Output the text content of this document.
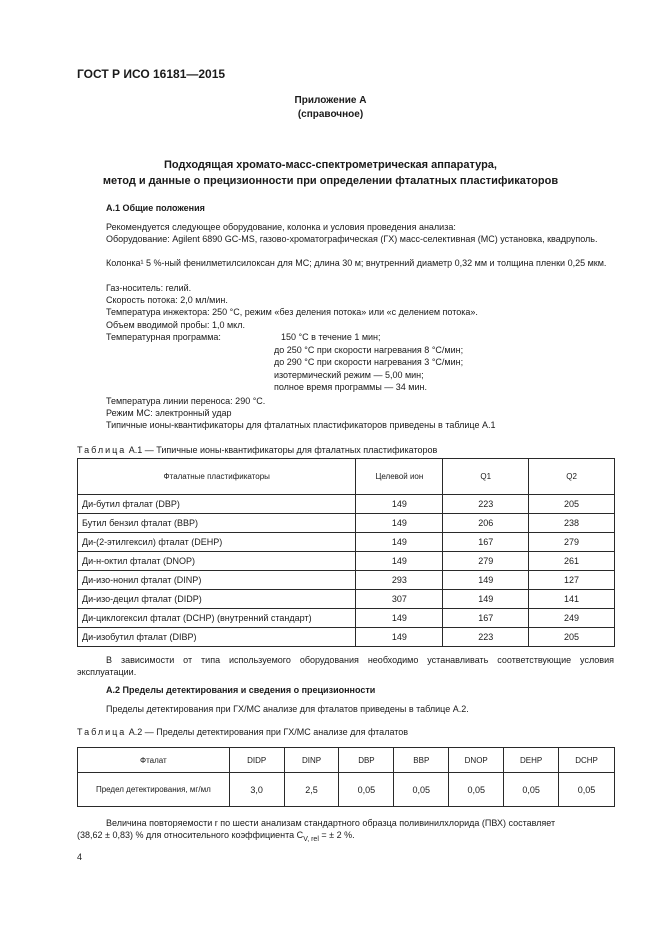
ГОСТ Р ИСО 16181—2015
Приложение А
(справочное)
Подходящая хромато-масс-спектрометрическая аппаратура,
метод и данные о прецизионности при определении фталатных пластификаторов
А.1 Общие положения
Рекомендуется следующее оборудование, колонка и условия проведения анализа:
Оборудование: Agilent 6890 GC-MS, газово-хроматографическая (ГХ) масс-селективная (МС) установка, квадруполь.
Колонка¹ 5 %-ный фенилметилсилоксан для МС; длина 30 м; внутренний диаметр 0,32 мм и толщина пленки 0,25 мкм.
Газ-носитель: гелий.
Скорость потока: 2,0 мл/мин.
Температура инжектора: 250 °С, режим «без деления потока» или «с делением потока».
Объем вводимой пробы: 1,0 мкл.
Температурная программа:	150 °С в течение 1 мин;
до 250 °С при скорости нагревания 8 °С/мин;
до 290 °С при скорости нагревания 3 °С/мин;
изотермический режим — 5,00 мин;
полное время программы — 34 мин.
Температура линии переноса: 290 °С.
Режим МС: электронный удар
Типичные ионы-квантификаторы для фталатных пластификаторов приведены в таблице А.1
Таблица А.1 — Типичные ионы-квантификаторы для фталатных пластификаторов
Фталатные пластификаторы	Целевой ион	Q1	Q2
Ди-бутил фталат (DBP)	149	223	205
Бутил бензил фталат (BBP)	149	206	238
Ди-(2-этилгексил) фталат (DEHP)	149	167	279
Ди-н-октил фталат (DNOP)	149	279	261
Ди-изо-нонил фталат (DINP)	293	149	127
Ди-изо-децил фталат (DIDP)	307	149	141
Ди-циклогексил фталат (DCHP) (внутренний стандарт)	149	167	249
Ди-изобутил фталат (DIBP)	149	223	205
В зависимости от типа используемого оборудования необходимо устанавливать соответствующие условия эксплуатации.
А.2 Пределы детектирования и сведения о прецизионности
Пределы детектирования при ГХ/МС анализе для фталатов приведены в таблице А.2.
Таблица А.2 — Пределы детектирования при ГХ/МС анализе для фталатов
Фталат	DIDP	DINP	DBP	BBP	DNOP	DEHP	DCHP
Предел детектирования, мг/мл	3,0	2,5	0,05	0,05	0,05	0,05	0,05
Величина повторяемости r по шести анализам стандартного образца поливинилхлорида (ПВХ) составляет
(38,62 ± 0,83) % для относительного коэффициента $C_{V, rel}$ = ± 2 %.
4
